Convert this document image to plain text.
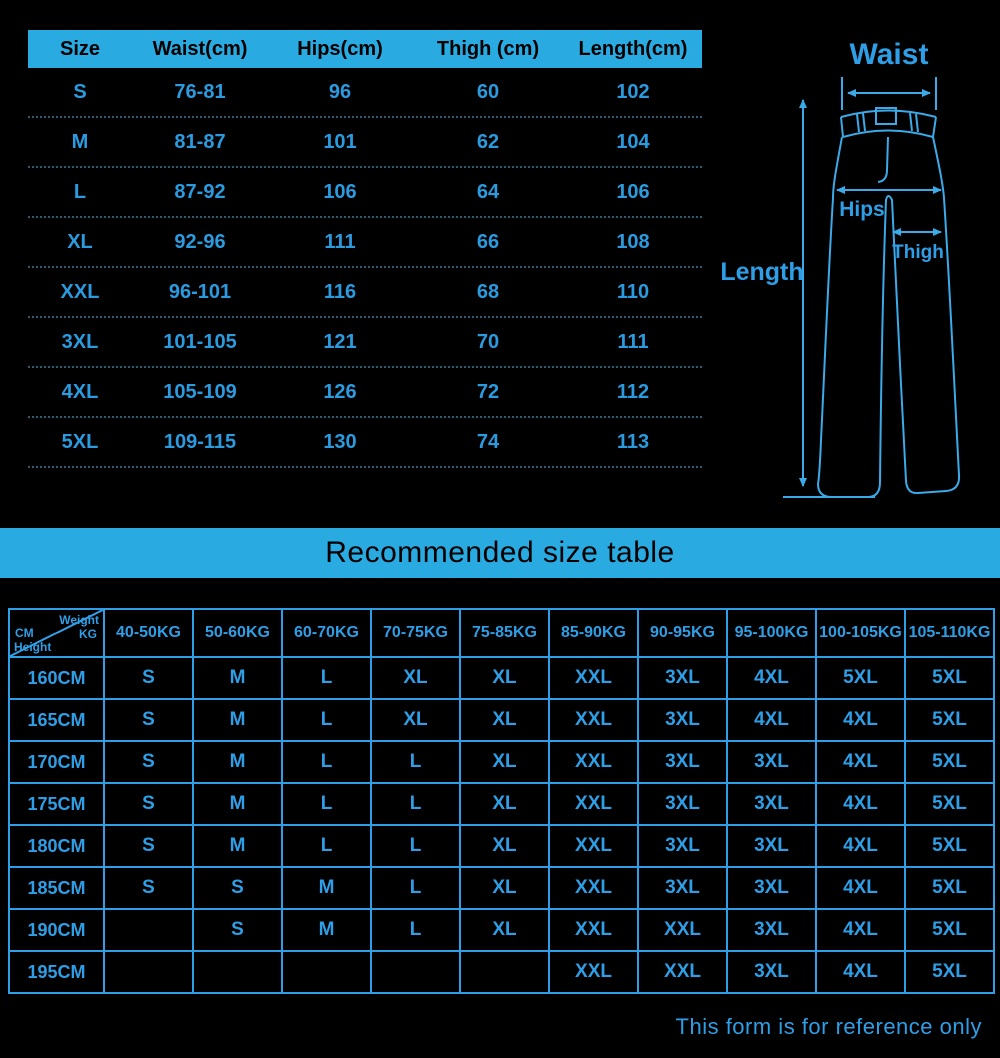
Size	Waist(cm)	Hips(cm)	Thigh (cm)	Length(cm)
S	76-81	96	60	102
M	81-87	101	62	104
L	87-92	106	64	106
XL	92-96	111	66	108
XXL	96-101	116	68	110
3XL	101-105	121	70	111
4XL	105-109	126	72	112
5XL	109-115	130	74	113
Waist
Hips
Thigh
Length
Recommended size table
Weight
KG
CM
Height	40-50KG	50-60KG	60-70KG	70-75KG	75-85KG	85-90KG	90-95KG	95-100KG	100-105KG	105-110KG
160CM	S	M	L	XL	XL	XXL	3XL	4XL	5XL	5XL
165CM	S	M	L	XL	XL	XXL	3XL	4XL	4XL	5XL
170CM	S	M	L	L	XL	XXL	3XL	3XL	4XL	5XL
175CM	S	M	L	L	XL	XXL	3XL	3XL	4XL	5XL
180CM	S	M	L	L	XL	XXL	3XL	3XL	4XL	5XL
185CM	S	S	M	L	XL	XXL	3XL	3XL	4XL	5XL
190CM		S	M	L	XL	XXL	XXL	3XL	4XL	5XL
195CM						XXL	XXL	3XL	4XL	5XL
This form is for reference only
